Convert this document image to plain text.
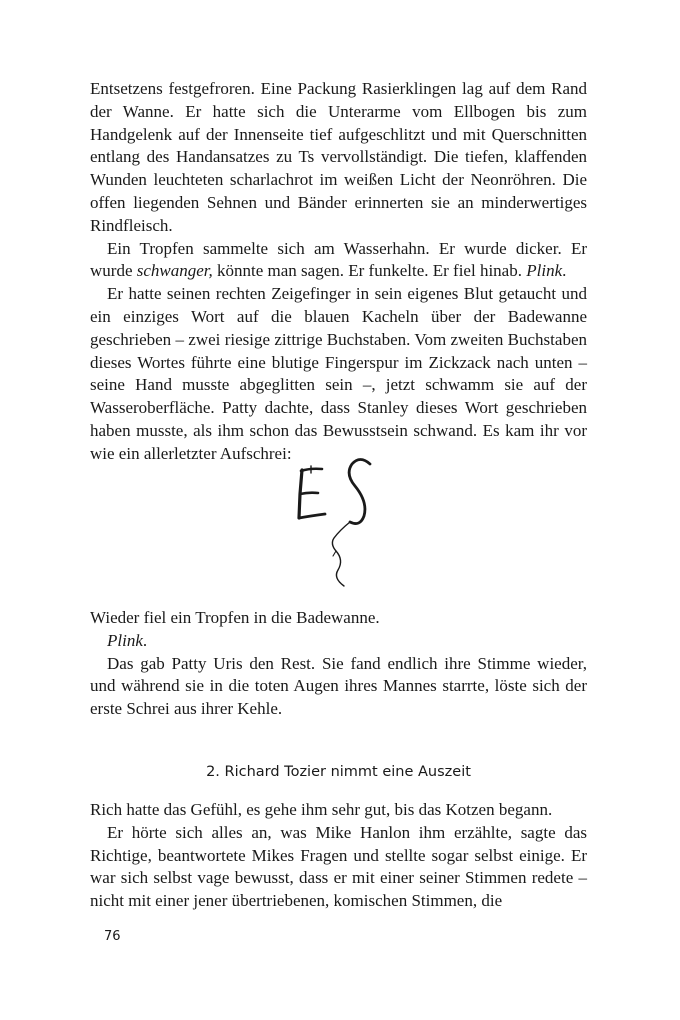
Entsetzens festgefroren. Eine Packung Rasierklingen lag auf dem Rand der Wanne. Er hatte sich die Unterarme vom Ellbogen bis zum Handgelenk auf der Innenseite tief aufgeschlitzt und mit Querschnitten entlang des Handansatzes zu Ts vervollständigt. Die tiefen, klaffenden Wunden leuchteten scharlachrot im weißen Licht der Neonröhren. Die offen liegenden Sehnen und Bänder erinnerten sie an minderwertiges Rindfleisch.

Ein Tropfen sammelte sich am Wasserhahn. Er wurde dicker. Er wurde schwanger, könnte man sagen. Er funkelte. Er fiel hinab. Plink.

Er hatte seinen rechten Zeigefinger in sein eigenes Blut getaucht und ein einziges Wort auf die blauen Kacheln über der Badewanne geschrieben – zwei riesige zittrige Buchstaben. Vom zweiten Buchstaben dieses Wortes führte eine blutige Fingerspur im Zickzack nach unten – seine Hand musste abgeglitten sein –, jetzt schwamm sie auf der Wasseroberfläche. Patty dachte, dass Stanley dieses Wort geschrieben haben musste, als ihm schon das Bewusstsein schwand. Es kam ihr vor wie ein allerletzter Aufschrei:

Wieder fiel ein Tropfen in die Badewanne.

Plink.

Das gab Patty Uris den Rest. Sie fand endlich ihre Stimme wieder, und während sie in die toten Augen ihres Mannes starrte, löste sich der erste Schrei aus ihrer Kehle.

2. Richard Tozier nimmt eine Auszeit

Rich hatte das Gefühl, es gehe ihm sehr gut, bis das Kotzen begann.

Er hörte sich alles an, was Mike Hanlon ihm erzählte, sagte das Richtige, beantwortete Mikes Fragen und stellte sogar selbst einige. Er war sich selbst vage bewusst, dass er mit einer seiner Stimmen redete – nicht mit einer jener übertriebenen, komischen Stimmen, die

76
